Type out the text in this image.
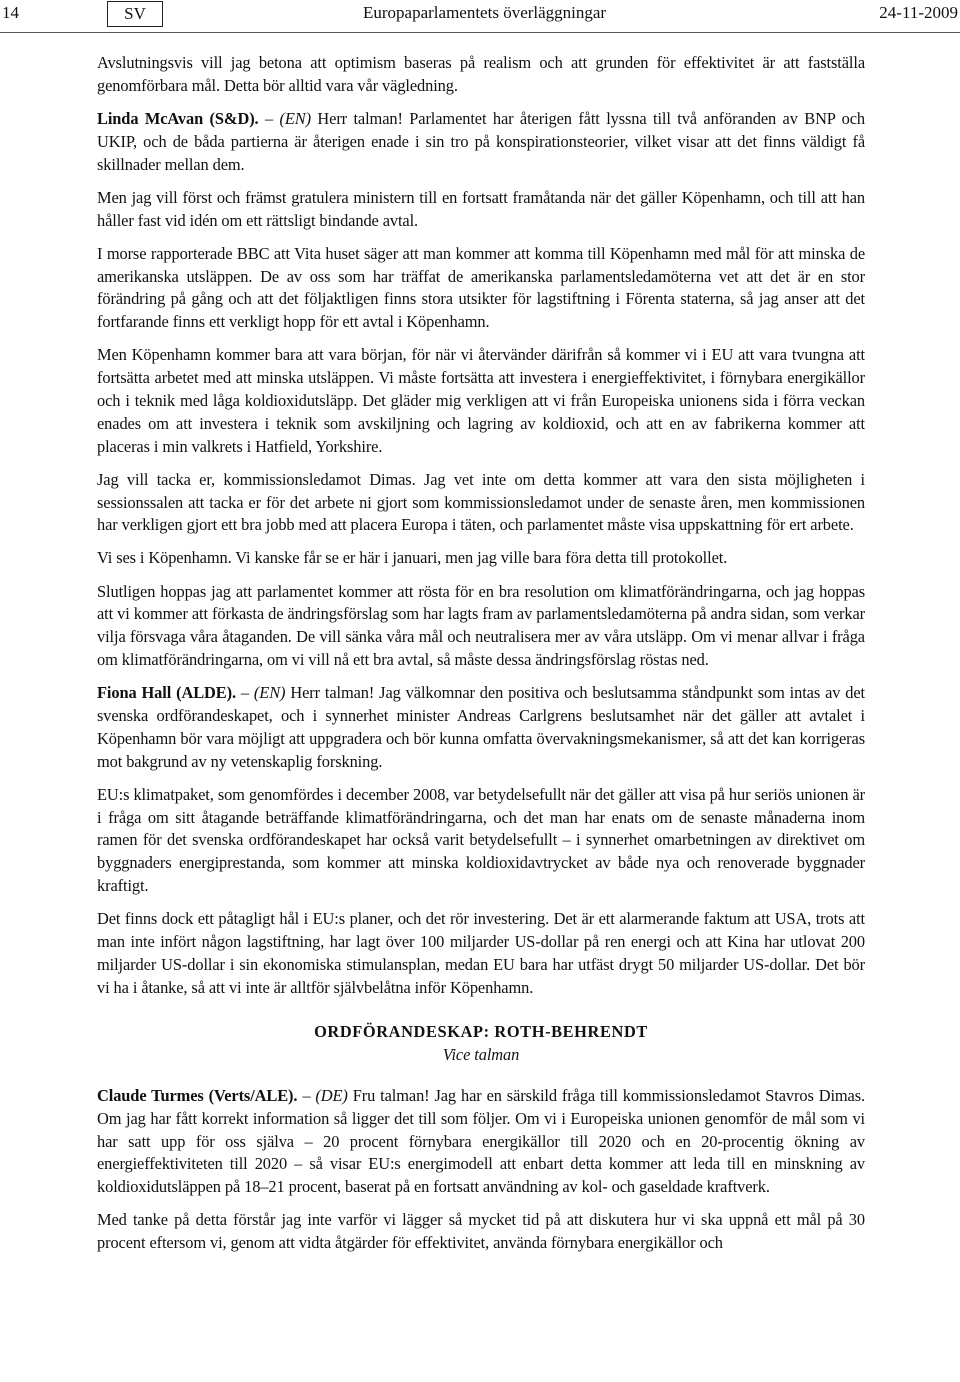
14	SV	Europaparlamentets överläggningar	24-11-2009

Avslutningsvis vill jag betona att optimism baseras på realism och att grunden för effektivitet är att fastställa genomförbara mål. Detta bör alltid vara vår vägledning.

Linda McAvan (S&D). – (EN) Herr talman! Parlamentet har återigen fått lyssna till två anföranden av BNP och UKIP, och de båda partierna är återigen enade i sin tro på konspirationsteorier, vilket visar att det finns väldigt få skillnader mellan dem.

Men jag vill först och främst gratulera ministern till en fortsatt framåtanda när det gäller Köpenhamn, och till att han håller fast vid idén om ett rättsligt bindande avtal.

I morse rapporterade BBC att Vita huset säger att man kommer att komma till Köpenhamn med mål för att minska de amerikanska utsläppen. De av oss som har träffat de amerikanska parlamentsledamöterna vet att det är en stor förändring på gång och att det följaktligen finns stora utsikter för lagstiftning i Förenta staterna, så jag anser att det fortfarande finns ett verkligt hopp för ett avtal i Köpenhamn.

Men Köpenhamn kommer bara att vara början, för när vi återvänder därifrån så kommer vi i EU att vara tvungna att fortsätta arbetet med att minska utsläppen. Vi måste fortsätta att investera i energieffektivitet, i förnybara energikällor och i teknik med låga koldioxidutsläpp. Det gläder mig verkligen att vi från Europeiska unionens sida i förra veckan enades om att investera i teknik som avskiljning och lagring av koldioxid, och att en av fabrikerna kommer att placeras i min valkrets i Hatfield, Yorkshire.

Jag vill tacka er, kommissionsledamot Dimas. Jag vet inte om detta kommer att vara den sista möjligheten i sessionssalen att tacka er för det arbete ni gjort som kommissionsledamot under de senaste åren, men kommissionen har verkligen gjort ett bra jobb med att placera Europa i täten, och parlamentet måste visa uppskattning för ert arbete.

Vi ses i Köpenhamn. Vi kanske får se er här i januari, men jag ville bara föra detta till protokollet.

Slutligen hoppas jag att parlamentet kommer att rösta för en bra resolution om klimatförändringarna, och jag hoppas att vi kommer att förkasta de ändringsförslag som har lagts fram av parlamentsledamöterna på andra sidan, som verkar vilja försvaga våra åtaganden. De vill sänka våra mål och neutralisera mer av våra utsläpp. Om vi menar allvar i fråga om klimatförändringarna, om vi vill nå ett bra avtal, så måste dessa ändringsförslag röstas ned.

Fiona Hall (ALDE). – (EN) Herr talman! Jag välkomnar den positiva och beslutsamma ståndpunkt som intas av det svenska ordförandeskapet, och i synnerhet minister Andreas Carlgrens beslutsamhet när det gäller att avtalet i Köpenhamn bör vara möjligt att uppgradera och bör kunna omfatta övervakningsmekanismer, så att det kan korrigeras mot bakgrund av ny vetenskaplig forskning.

EU:s klimatpaket, som genomfördes i december 2008, var betydelsefullt när det gäller att visa på hur seriös unionen är i fråga om sitt åtagande beträffande klimatförändringarna, och det man har enats om de senaste månaderna inom ramen för det svenska ordförandeskapet har också varit betydelsefullt – i synnerhet omarbetningen av direktivet om byggnaders energiprestanda, som kommer att minska koldioxidavtrycket av både nya och renoverade byggnader kraftigt.

Det finns dock ett påtagligt hål i EU:s planer, och det rör investering. Det är ett alarmerande faktum att USA, trots att man inte infört någon lagstiftning, har lagt över 100 miljarder US-dollar på ren energi och att Kina har utlovat 200 miljarder US-dollar i sin ekonomiska stimulansplan, medan EU bara har utfäst drygt 50 miljarder US-dollar. Det bör vi ha i åtanke, så att vi inte är alltför självbelåtna inför Köpenhamn.

ORDFÖRANDESKAP: ROTH-BEHRENDT
Vice talman

Claude Turmes (Verts/ALE). – (DE) Fru talman! Jag har en särskild fråga till kommissionsledamot Stavros Dimas. Om jag har fått korrekt information så ligger det till som följer. Om vi i Europeiska unionen genomför de mål som vi har satt upp för oss själva – 20 procent förnybara energikällor till 2020 och en 20-procentig ökning av energieffektiviteten till 2020 – så visar EU:s energimodell att enbart detta kommer att leda till en minskning av koldioxidutsläppen på 18–21 procent, baserat på en fortsatt användning av kol- och gaseldade kraftverk.

Med tanke på detta förstår jag inte varför vi lägger så mycket tid på att diskutera hur vi ska uppnå ett mål på 30 procent eftersom vi, genom att vidta åtgärder för effektivitet, använda förnybara energikällor och
